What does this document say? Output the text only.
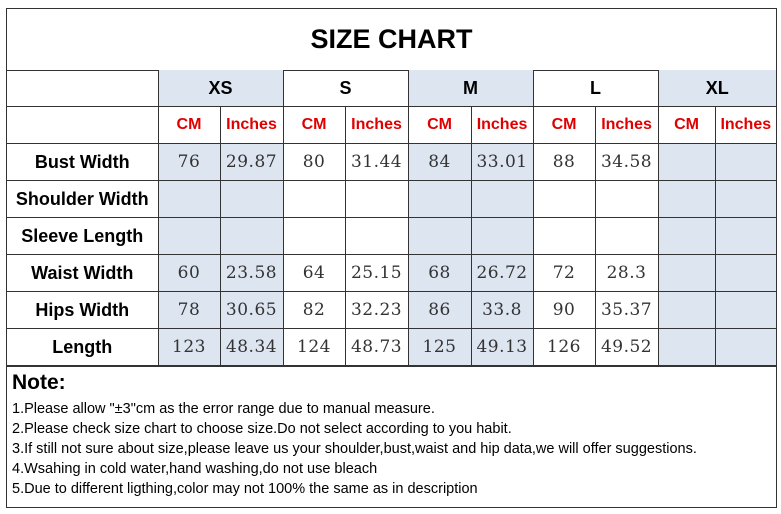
SIZE CHART
	XS		S		M		L		XL	
	CM	Inches	CM	Inches	CM	Inches	CM	Inches	CM	Inches
Bust Width	76	29.87	80	31.44	84	33.01	88	34.58		
Shoulder Width										
Sleeve Length										
Waist Width	60	23.58	64	25.15	68	26.72	72	28.3		
Hips Width	78	30.65	82	32.23	86	33.8	90	35.37		
Length	123	48.34	124	48.73	125	49.13	126	49.52		
Note:
1.Please allow "±3"cm as the error range due to manual measure.
2.Please check size chart to choose size.Do not select according to you habit.
3.If still not sure about size,please leave us your shoulder,bust,waist and hip data,we will offer suggestions.
4.Wsahing in cold water,hand washing,do not use bleach
5.Due to different ligthing,color may not 100% the same as in description
